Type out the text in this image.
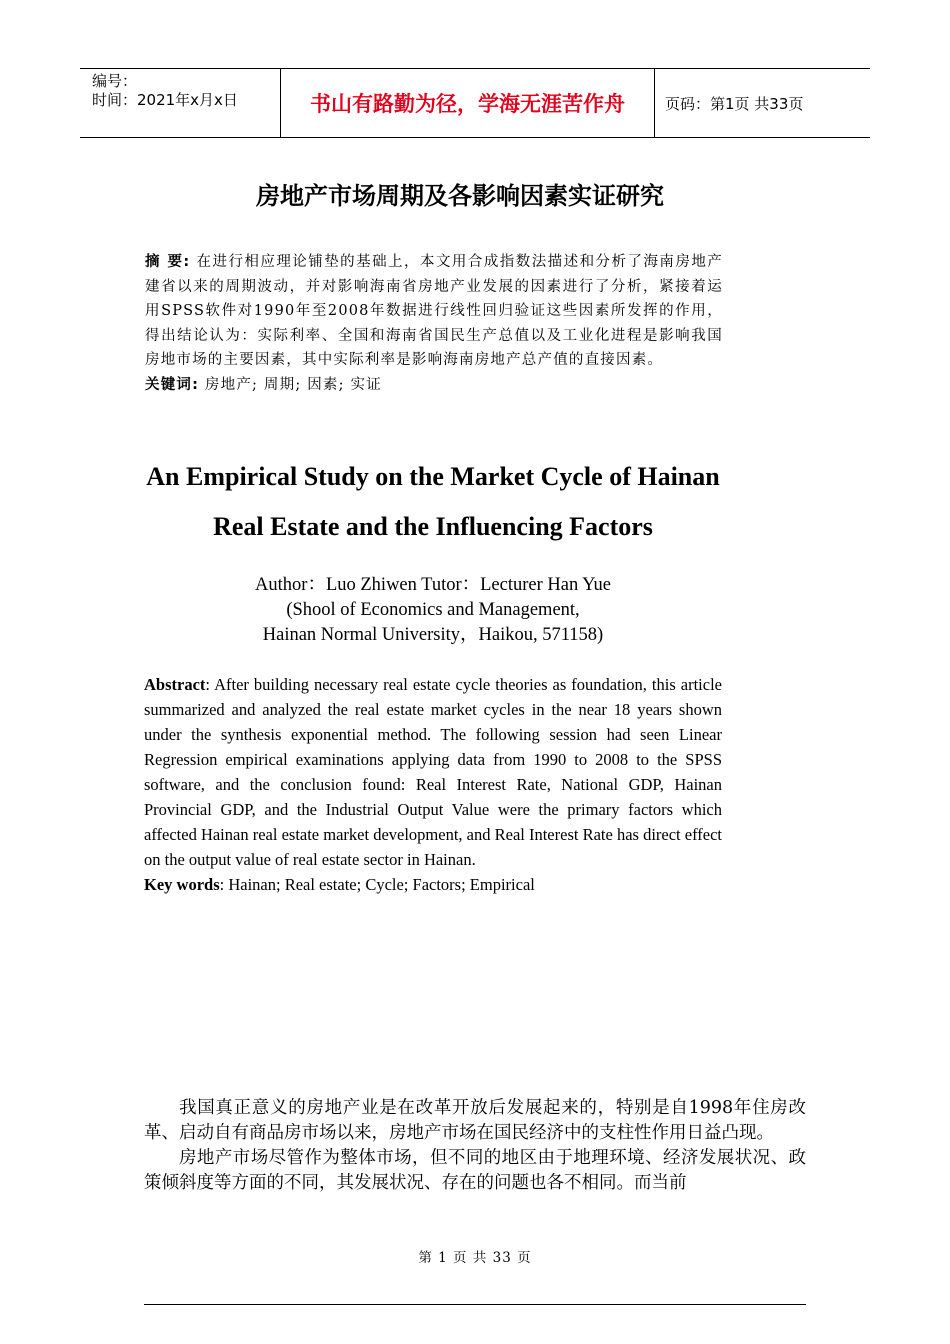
编号：
时间：2021年x月x日	书山有路勤为径，学海无涯苦作舟	页码：第1页 共33页
房地产市场周期及各影响因素实证研究
摘 要: 在进行相应理论铺垫的基础上，本文用合成指数法描述和分析了海南房地产建省以来的周期波动，并对影响海南省房地产业发展的因素进行了分析，紧接着运用SPSS软件对1990年至2008年数据进行线性回归验证这些因素所发挥的作用，得出结论认为：实际利率、全国和海南省国民生产总值以及工业化进程是影响我国房地市场的主要因素，其中实际利率是影响海南房地产总产值的直接因素。
关键词: 房地产; 周期; 因素; 实证
An Empirical Study on the Market Cycle of Hainan
Real Estate and the Influencing Factors
Author：Luo Zhiwen Tutor：Lecturer Han Yue
(Shool of Economics and Management,
Hainan Normal University，Haikou, 571158)
Abstract: After building necessary real estate cycle theories as foundation, this article summarized and analyzed the real estate market cycles in the near 18 years shown under the synthesis exponential method. The following session had seen Linear Regression empirical examinations applying data from 1990 to 2008 to the SPSS software, and the conclusion found: Real Interest Rate, National GDP, Hainan Provincial GDP, and the Industrial Output Value were the primary factors which affected Hainan real estate market development, and Real Interest Rate has direct effect on the output value of real estate sector in Hainan.
Key words: Hainan; Real estate; Cycle; Factors; Empirical

我国真正意义的房地产业是在改革开放后发展起来的，特别是自1998年住房改革、启动自有商品房市场以来，房地产市场在国民经济中的支柱性作用日益凸现。

房地产市场尽管作为整体市场，但不同的地区由于地理环境、经济发展状况、政策倾斜度等方面的不同，其发展状况、存在的问题也各不相同。而当前

第 1 页 共 33 页
